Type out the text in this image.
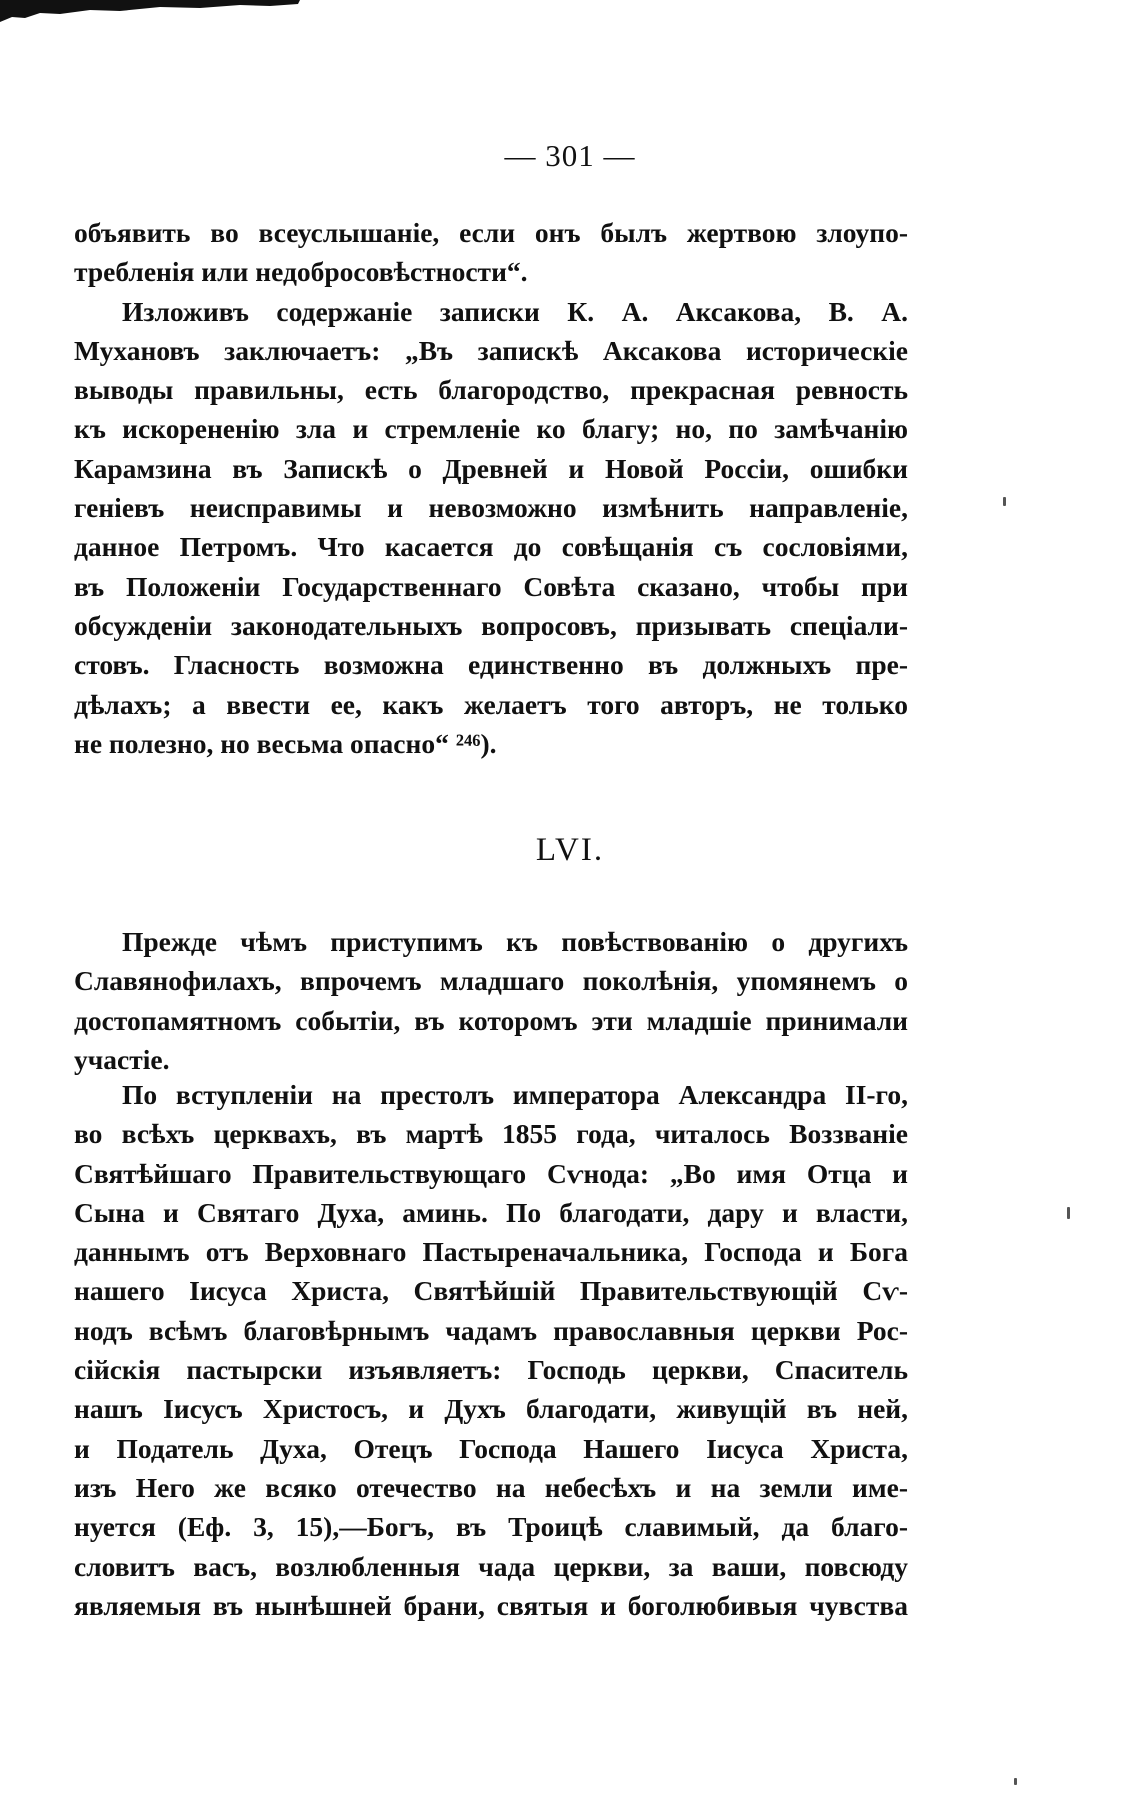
— 301 —
объявить во всеуслышаніе, если онъ былъ жертвою злоупо-
требленія или недобросовѣстности“.
Изложивъ содержаніе записки К. А. Аксакова, В. А.
Мухановъ заключаетъ: „Въ запискѣ Аксакова историческіе
выводы правильны, есть благородство, прекрасная ревность
къ искорененію зла и стремленіе ко благу; но, по замѣчанію
Карамзина въ Запискѣ о Древней и Новой Россіи, ошибки
геніевъ неисправимы и невозможно измѣнить направленіе,
данное Петромъ. Что касается до совѣщанія съ сословіями,
въ Положеніи Государственнаго Совѣта сказано, чтобы при
обсужденіи законодательныхъ вопросовъ, призывать спеціали-
стовъ. Гласность возможна единственно въ должныхъ пре-
дѣлахъ; а ввести ее, какъ желаетъ того авторъ, не только
не полезно, но весьма опасно“ ²⁴⁶).
LVI.
Прежде чѣмъ приступимъ къ повѣствованію о другихъ
Славянофилахъ, впрочемъ младшаго поколѣнія, упомянемъ о
достопамятномъ событіи, въ которомъ эти младшіе принимали
участіе.
По вступленіи на престолъ императора Александра II-го,
во всѣхъ церквахъ, въ мартѣ 1855 года, читалось Воззваніе
Святѣйшаго Правительствующаго Сѵнода: „Во имя Отца и
Сына и Святаго Духа, аминь. По благодати, дару и власти,
даннымъ отъ Верховнаго Пастыреначальника, Господа и Бога
нашего Іисуса Христа, Святѣйшій Правительствующій Сѵ-
нодъ всѣмъ благовѣрнымъ чадамъ православныя церкви Рос-
сійскія пастырски изъявляетъ: Господь церкви, Спаситель
нашъ Іисусъ Христосъ, и Духъ благодати, живущій въ ней,
и Податель Духа, Отецъ Господа Нашего Іисуса Христа,
изъ Него же всяко отечество на небесѣхъ и на земли име-
нуется (Еф. 3, 15),—Богъ, въ Троицѣ славимый, да благо-
словитъ васъ, возлюбленныя чада церкви, за ваши, повсюду
являемыя въ нынѣшней брани, святыя и боголюбивыя чувства
